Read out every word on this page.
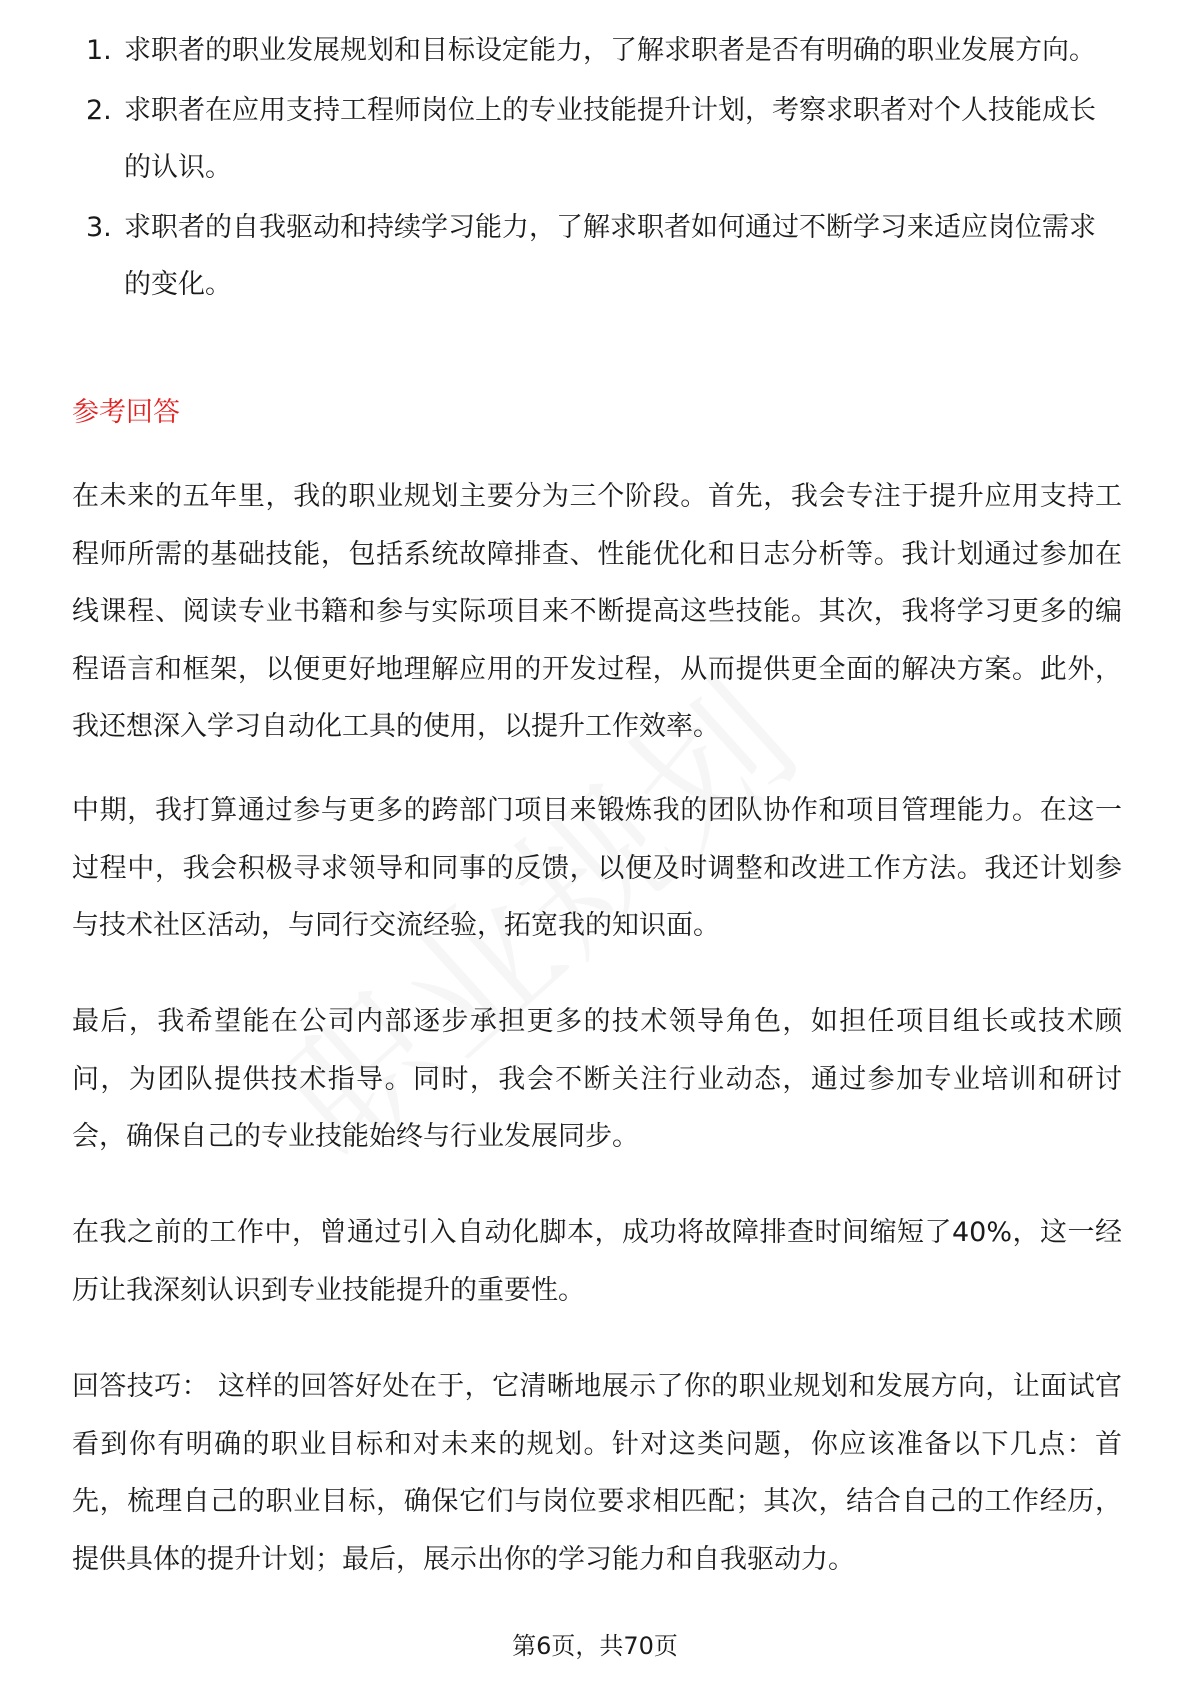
1. 求职者的职业发展规划和目标设定能力，了解求职者是否有明确的职业发展方向。
2. 求职者在应用支持工程师岗位上的专业技能提升计划，考察求职者对个人技能成长的认识。
3. 求职者的自我驱动和持续学习能力，了解求职者如何通过不断学习来适应岗位需求的变化。
参考回答

在未来的五年里，我的职业规划主要分为三个阶段。首先，我会专注于提升应用支持工程师所需的基础技能，包括系统故障排查、性能优化和日志分析等。我计划通过参加在线课程、阅读专业书籍和参与实际项目来不断提高这些技能。其次，我将学习更多的编程语言和框架，以便更好地理解应用的开发过程，从而提供更全面的解决方案。此外，我还想深入学习自动化工具的使用，以提升工作效率。

中期，我打算通过参与更多的跨部门项目来锻炼我的团队协作和项目管理能力。在这一过程中，我会积极寻求领导和同事的反馈，以便及时调整和改进工作方法。我还计划参与技术社区活动，与同行交流经验，拓宽我的知识面。

最后，我希望能在公司内部逐步承担更多的技术领导角色，如担任项目组长或技术顾问，为团队提供技术指导。同时，我会不断关注行业动态，通过参加专业培训和研讨会，确保自己的专业技能始终与行业发展同步。

在我之前的工作中，曾通过引入自动化脚本，成功将故障排查时间缩短了40%，这一经历让我深刻认识到专业技能提升的重要性。

回答技巧： 这样的回答好处在于，它清晰地展示了你的职业规划和发展方向，让面试官看到你有明确的职业目标和对未来的规划。针对这类问题，你应该准备以下几点：首先，梳理自己的职业目标，确保它们与岗位要求相匹配；其次，结合自己的工作经历，提供具体的提升计划；最后，展示出你的学习能力和自我驱动力。

第6页，共70页
